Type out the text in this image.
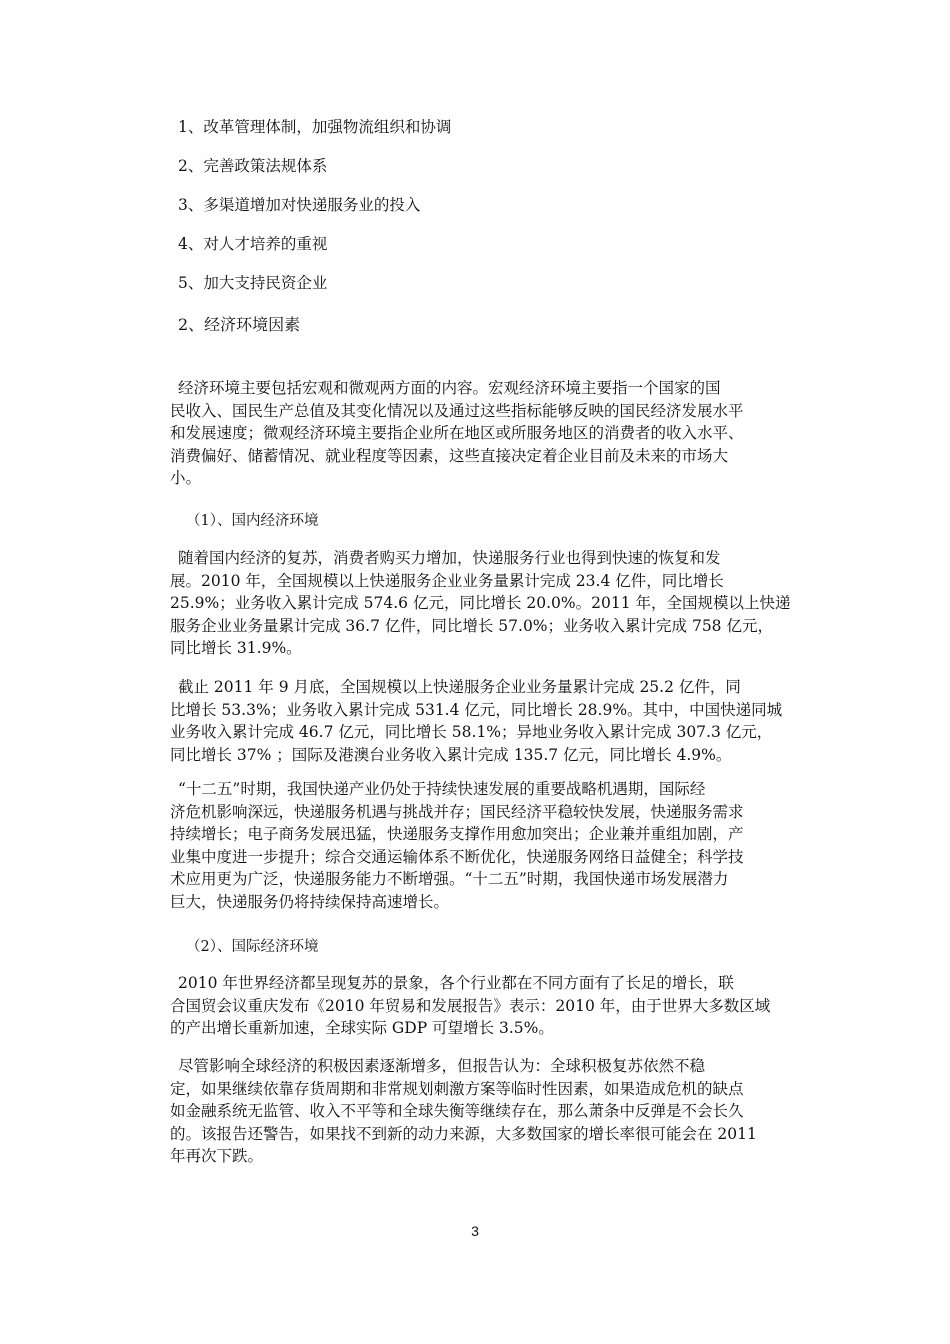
1、改革管理体制，加强物流组织和协调
2、完善政策法规体系
3、多渠道增加对快递服务业的投入
4、对人才培养的重视
5、加大支持民资企业
2、经济环境因素
经济环境主要包括宏观和微观两方面的内容。宏观经济环境主要指一个国家的国
民收入、国民生产总值及其变化情况以及通过这些指标能够反映的国民经济发展水平
和发展速度；微观经济环境主要指企业所在地区或所服务地区的消费者的收入水平、
消费偏好、储蓄情况、就业程度等因素，这些直接决定着企业目前及未来的市场大
小。
（1）、国内经济环境
随着国内经济的复苏，消费者购买力增加，快递服务行业也得到快速的恢复和发
展。2010 年，全国规模以上快递服务企业业务量累计完成 23.4 亿件，同比增长
25.9%；业务收入累计完成 574.6 亿元，同比增长 20.0%。2011 年，全国规模以上快递
服务企业业务量累计完成 36.7 亿件，同比增长 57.0%；业务收入累计完成 758 亿元，
同比增长 31.9%。
截止 2011 年 9 月底，全国规模以上快递服务企业业务量累计完成 25.2 亿件，同
比增长 53.3%；业务收入累计完成 531.4 亿元，同比增长 28.9%。其中，中国快递同城
业务收入累计完成 46.7 亿元，同比增长 58.1%；异地业务收入累计完成 307.3 亿元，
同比增长 37% ；国际及港澳台业务收入累计完成 135.7 亿元，同比增长 4.9%。
“十二五”时期，我国快递产业仍处于持续快速发展的重要战略机遇期，国际经
济危机影响深远，快递服务机遇与挑战并存；国民经济平稳较快发展，快递服务需求
持续增长；电子商务发展迅猛，快递服务支撑作用愈加突出；企业兼并重组加剧，产
业集中度进一步提升；综合交通运输体系不断优化，快递服务网络日益健全；科学技
术应用更为广泛，快递服务能力不断增强。“十二五”时期，我国快递市场发展潜力
巨大，快递服务仍将持续保持高速增长。
（2）、国际经济环境
2010 年世界经济都呈现复苏的景象，各个行业都在不同方面有了长足的增长，联
合国贸会议重庆发布《2010 年贸易和发展报告》表示：2010 年，由于世界大多数区域
的产出增长重新加速，全球实际 GDP 可望增长 3.5%。
尽管影响全球经济的积极因素逐渐增多，但报告认为：全球积极复苏依然不稳
定，如果继续依靠存货周期和非常规划刺激方案等临时性因素，如果造成危机的缺点
如金融系统无监管、收入不平等和全球失衡等继续存在，那么萧条中反弹是不会长久
的。该报告还警告，如果找不到新的动力来源，大多数国家的增长率很可能会在 2011
年再次下跌。
3
